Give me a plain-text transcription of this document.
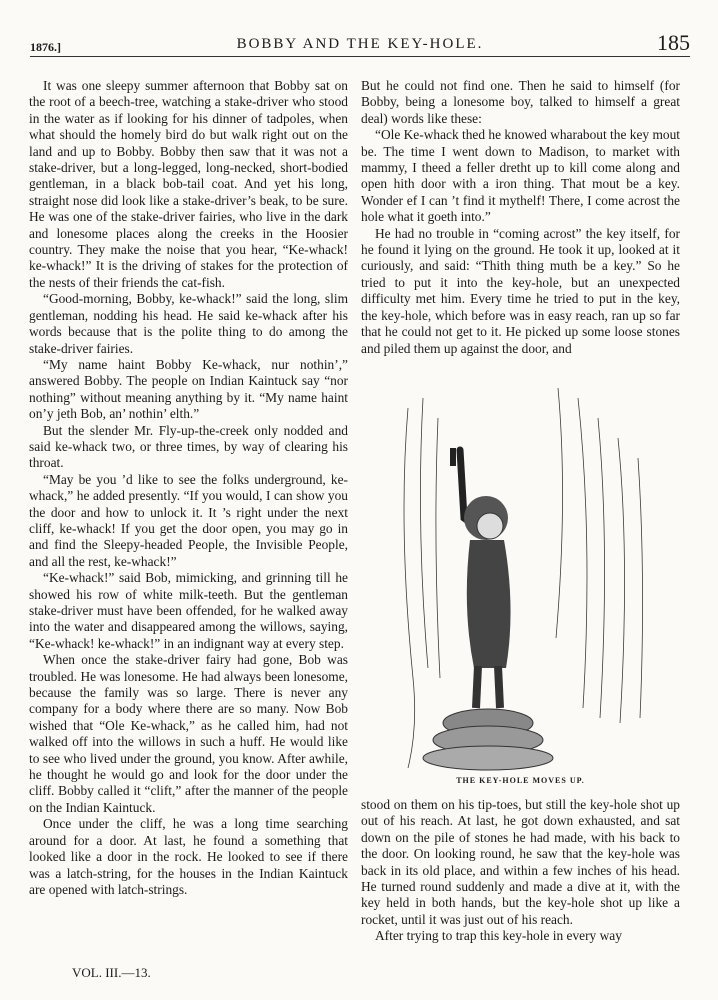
1876.]	BOBBY AND THE KEY-HOLE.	185

It was one sleepy summer afternoon that Bobby sat on the root of a beech-tree, watching a stake-driver who stood in the water as if looking for his dinner of tadpoles, when what should the homely bird do but walk right out on the land and up to Bobby. Bobby then saw that it was not a stake-driver, but a long-legged, long-necked, short-bodied gentleman, in a black bob-tail coat. And yet his long, straight nose did look like a stake-driver’s beak, to be sure. He was one of the stake-driver fairies, who live in the dark and lonesome places along the creeks in the Hoosier country. They make the noise that you hear, “Ke-whack! ke-whack!” It is the driving of stakes for the protection of the nests of their friends the cat-fish.

“Good-morning, Bobby, ke-whack!” said the long, slim gentleman, nodding his head. He said ke-whack after his words because that is the polite thing to do among the stake-driver fairies.

“My name haint Bobby Ke-whack, nur nothin’,” answered Bobby. The people on Indian Kaintuck say “nor nothing” without meaning anything by it. “My name haint on’y jeth Bob, an’ nothin’ elth.”

But the slender Mr. Fly-up-the-creek only nodded and said ke-whack two, or three times, by way of clearing his throat.

“May be you ’d like to see the folks underground, ke-whack,” he added presently. “If you would, I can show you the door and how to unlock it. It ’s right under the next cliff, ke-whack! If you get the door open, you may go in and find the Sleepy-headed People, the Invisible People, and all the rest, ke-whack!”

“Ke-whack!” said Bob, mimicking, and grinning till he showed his row of white milk-teeth. But the gentleman stake-driver must have been offended, for he walked away into the water and disappeared among the willows, saying, “Ke-whack! ke-whack!” in an indignant way at every step.

When once the stake-driver fairy had gone, Bob was troubled. He was lonesome. He had always been lonesome, because the family was so large. There is never any company for a body where there are so many. Now Bob wished that “Ole Ke-whack,” as he called him, had not walked off into the willows in such a huff. He would like to see who lived under the ground, you know. After awhile, he thought he would go and look for the door under the cliff. Bobby called it “clift,” after the manner of the people on the Indian Kaintuck.

Once under the cliff, he was a long time searching around for a door. At last, he found a something that looked like a door in the rock. He looked to see if there was a latch-string, for the houses in the Indian Kaintuck are opened with latch-strings.

But he could not find one. Then he said to himself (for Bobby, being a lonesome boy, talked to himself a great deal) words like these:

“Ole Ke-whack thed he knowed wharabout the key mout be. The time I went down to Madison, to market with mammy, I theed a feller dretht up to kill come along and open hith door with a iron thing. That mout be a key. Wonder ef I can ’t find it mythelf! There, I come acrost the hole what it goeth into.”

He had no trouble in “coming acrost” the key itself, for he found it lying on the ground. He took it up, looked at it curiously, and said: “Thith thing muth be a key.” So he tried to put it into the key-hole, but an unexpected difficulty met him. Every time he tried to put in the key, the key-hole, which before was in easy reach, ran up so far that he could not get to it. He picked up some loose stones and piled them up against the door, and

THE KEY-HOLE MOVES UP.

stood on them on his tip-toes, but still the key-hole shot up out of his reach. At last, he got down exhausted, and sat down on the pile of stones he had made, with his back to the door. On looking round, he saw that the key-hole was back in its old place, and within a few inches of his head. He turned round suddenly and made a dive at it, with the key held in both hands, but the key-hole shot up like a rocket, until it was just out of his reach.

After trying to trap this key-hole in every way

VOL. III.—13.
